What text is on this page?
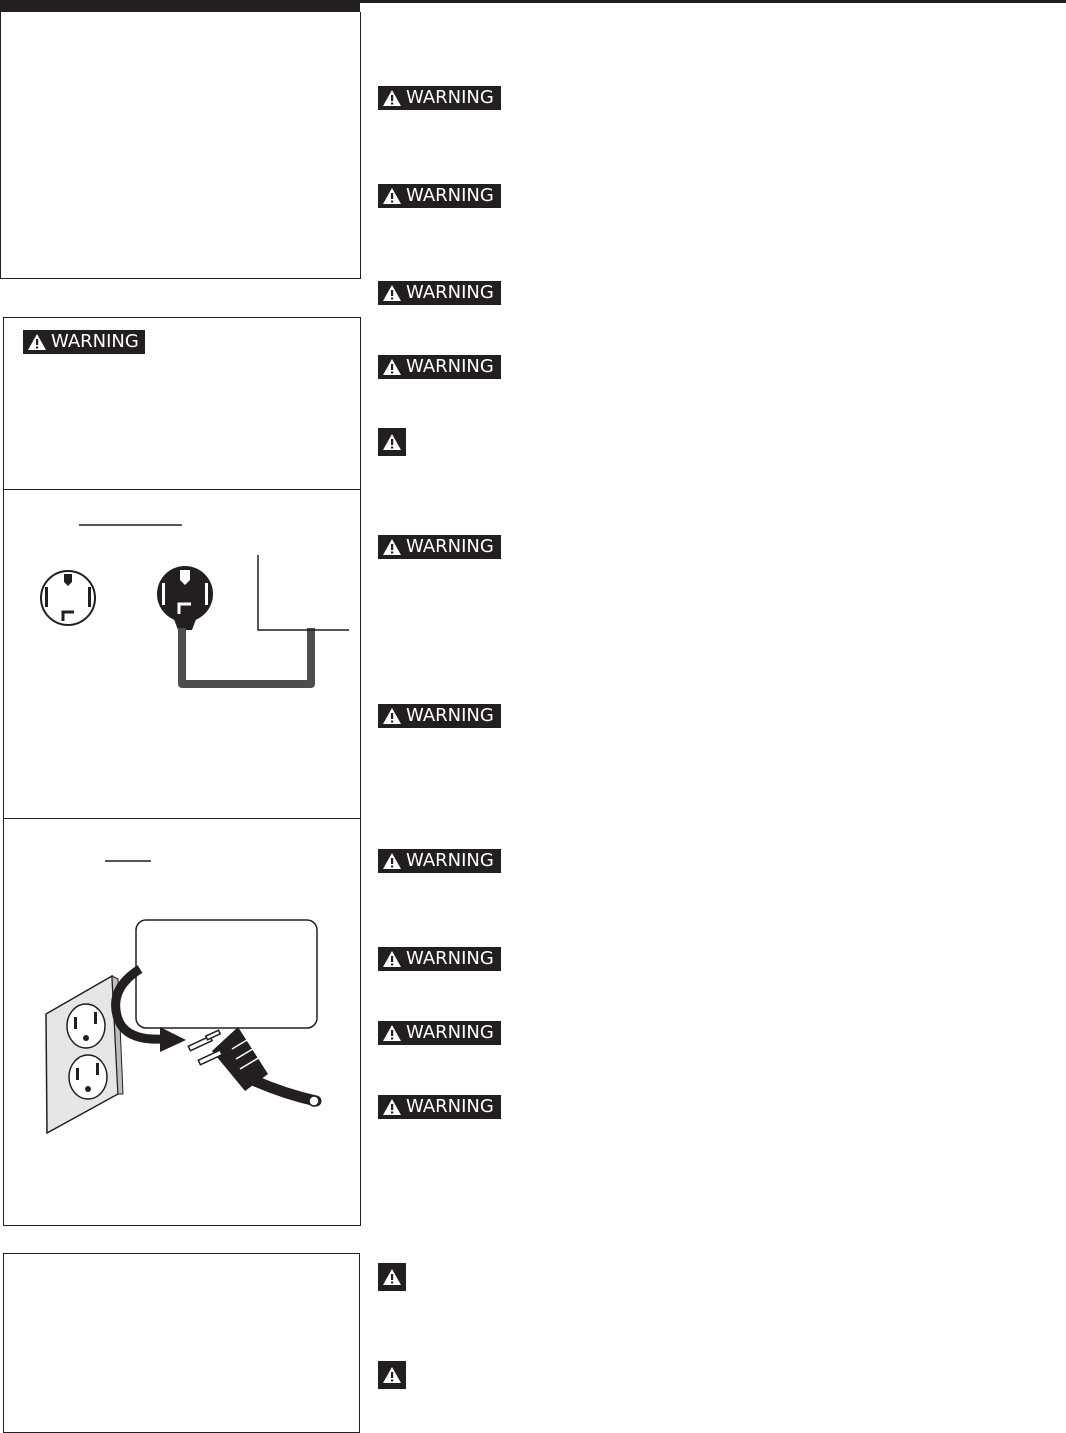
WARNING
WARNING
WARNING
WARNING
WARNING
WARNING
WARNING
WARNING
WARNING
WARNING
WARNING
